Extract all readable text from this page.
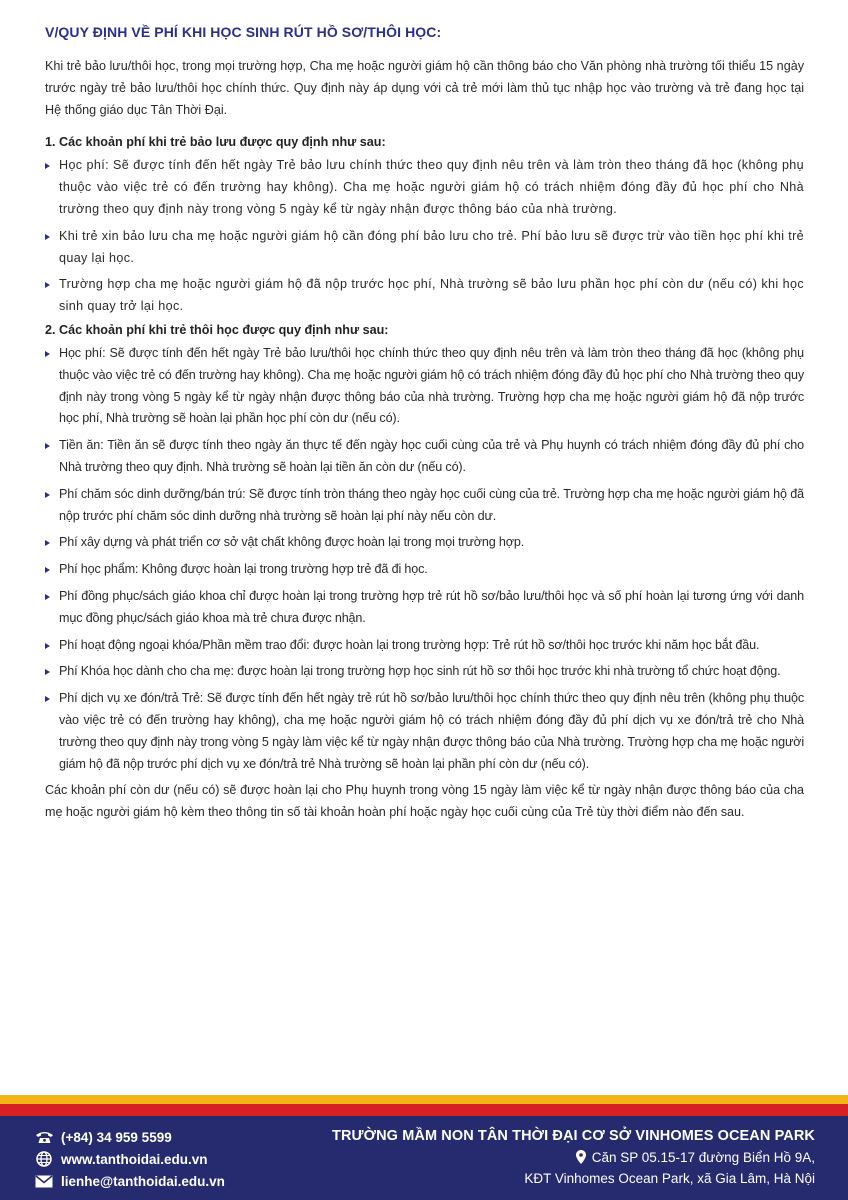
V/QUY ĐỊNH VỀ PHÍ KHI HỌC SINH RÚT HỒ SƠ/THÔI HỌC:

Khi trẻ bảo lưu/thôi học, trong mọi trường hợp, Cha mẹ hoặc người giám hộ cần thông báo cho Văn phòng nhà trường tối thiểu 15 ngày trước ngày trẻ bảo lưu/thôi học chính thức. Quy định này áp dụng với cả trẻ mới làm thủ tục nhập học vào trường và trẻ đang học tại Hệ thống giáo dục Tân Thời Đại.

1. Các khoản phí khi trẻ bảo lưu được quy định như sau:
Học phí: Sẽ được tính đến hết ngày Trẻ bảo lưu chính thức theo quy định nêu trên và làm tròn theo tháng đã học (không phụ thuộc vào việc trẻ có đến trường hay không). Cha mẹ hoặc người giám hộ có trách nhiệm đóng đầy đủ học phí cho Nhà trường theo quy định này trong vòng 5 ngày kể từ ngày nhận được thông báo của nhà trường.
Khi trẻ xin bảo lưu cha mẹ hoặc người giám hộ cần đóng phí bảo lưu cho trẻ. Phí bảo lưu sẽ được trừ vào tiền học phí khi trẻ quay lại học.
Trường hợp cha mẹ hoặc người giám hộ đã nộp trước học phí, Nhà trường sẽ bảo lưu phần học phí còn dư (nếu có) khi học sinh quay trở lại học.
2. Các khoản phí khi trẻ thôi học được quy định như sau:
Học phí: Sẽ được tính đến hết ngày Trẻ bảo lưu/thôi học chính thức theo quy định nêu trên và làm tròn theo tháng đã học (không phụ thuộc vào việc trẻ có đến trường hay không). Cha mẹ hoặc người giám hộ có trách nhiệm đóng đầy đủ học phí cho Nhà trường theo quy định này trong vòng 5 ngày kể từ ngày nhận được thông báo của nhà trường. Trường hợp cha mẹ hoặc người giám hộ đã nộp trước học phí, Nhà trường sẽ hoàn lại phần học phí còn dư (nếu có).
Tiền ăn: Tiền ăn sẽ được tính theo ngày ăn thực tế đến ngày học cuối cùng của trẻ và Phụ huynh có trách nhiệm đóng đầy đủ phí cho Nhà trường theo quy định. Nhà trường sẽ hoàn lại tiền ăn còn dư (nếu có).
Phí chăm sóc dinh dưỡng/bán trú: Sẽ được tính tròn tháng theo ngày học cuối cùng của trẻ. Trường hợp cha mẹ hoặc người giám hộ đã nộp trước phí chăm sóc dinh dưỡng nhà trường sẽ hoàn lại phí này nếu còn dư.
Phí xây dựng và phát triển cơ sở vật chất không được hoàn lại trong mọi trường hợp.
Phí học phẩm: Không được hoàn lại trong trường hợp trẻ đã đi học.
Phí đồng phục/sách giáo khoa chỉ được hoàn lại trong trường hợp trẻ rút hồ sơ/bảo lưu/thôi học và số phí hoàn lại tương ứng với danh mục đồng phục/sách giáo khoa mà trẻ chưa được nhận.
Phí hoạt động ngoại khóa/Phần mềm trao đổi: được hoàn lại trong trường hợp: Trẻ rút hồ sơ/thôi học trước khi năm học bắt đầu.
Phí Khóa học dành cho cha mẹ: được hoàn lại trong trường hợp học sinh rút hồ sơ thôi học trước khi nhà trường tổ chức hoạt động.
Phí dịch vụ xe đón/trả Trẻ: Sẽ được tính đến hết ngày trẻ rút hồ sơ/bảo lưu/thôi học chính thức theo quy định nêu trên (không phụ thuộc vào việc trẻ có đến trường hay không), cha mẹ hoặc người giám hộ có trách nhiệm đóng đầy đủ phí dịch vụ xe đón/trả trẻ cho Nhà trường theo quy định này trong vòng 5 ngày làm việc kể từ ngày nhận được thông báo của Nhà trường. Trường hợp cha mẹ hoặc người giám hộ đã nộp trước phí dịch vụ xe đón/trả trẻ Nhà trường sẽ hoàn lại phần phí còn dư (nếu có).

Các khoản phí còn dư (nếu có) sẽ được hoàn lại cho Phụ huynh trong vòng 15 ngày làm việc kể từ ngày nhận được thông báo của cha mẹ hoặc người giám hộ kèm theo thông tin số tài khoản hoàn phí hoặc ngày học cuối cùng của Trẻ tùy thời điểm nào đến sau.

(+84) 34 959 5599
www.tanthoidai.edu.vn
lienhe@tanthoidai.edu.vn
TRƯỜNG MẦM NON TÂN THỜI ĐẠI CƠ SỞ VINHOMES OCEAN PARK
Căn SP 05.15-17 đường Biển Hồ 9A,
KĐT Vinhomes Ocean Park, xã Gia Lâm, Hà Nội
